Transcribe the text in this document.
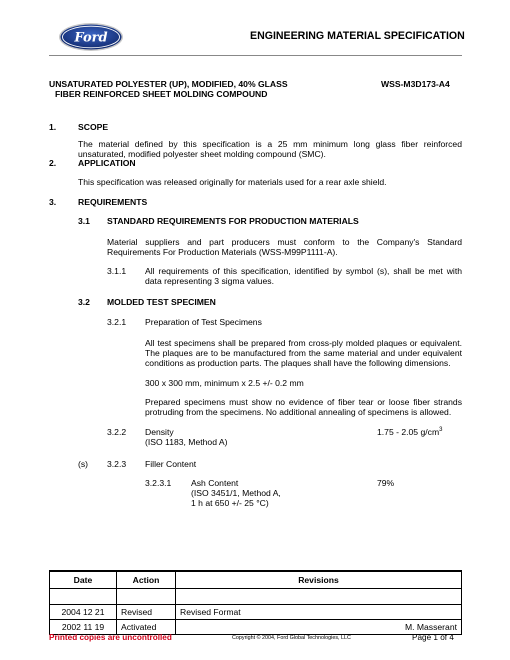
Ford	ENGINEERING MATERIAL SPECIFICATION
UNSATURATED POLYESTER (UP), MODIFIED, 40% GLASS
FIBER REINFORCED SHEET MOLDING COMPOUND
WSS-M3D173-A4
1.	SCOPE
The material defined by this specification is a 25 mm minimum long glass fiber reinforced unsaturated, modified polyester sheet molding compound (SMC).
2.	APPLICATION
This specification was released originally for materials used for a rear axle shield.
3.	REQUIREMENTS
3.1 STANDARD REQUIREMENTS FOR PRODUCTION MATERIALS
Material suppliers and part producers must conform to the Company's Standard Requirements For Production Materials (WSS-M99P1111-A).
3.1.1 All requirements of this specification, identified by symbol (s), shall be met with data representing 3 sigma values.
3.2 MOLDED TEST SPECIMEN
3.2.1 Preparation of Test Specimens
All test specimens shall be prepared from cross-ply molded plaques or equivalent. The plaques are to be manufactured from the same material and under equivalent conditions as production parts. The plaques shall have the following dimensions.
300 x 300 mm, minimum x 2.5 +/- 0.2 mm
Prepared specimens must show no evidence of fiber tear or loose fiber strands protruding from the specimens. No additional annealing of specimens is allowed.
3.2.2 Density
(ISO 1183, Method A)
1.75 - 2.05 $g/cm^3$
(s) 3.2.3 Filler Content
3.2.3.1 Ash Content
(ISO 3451/1, Method A,
1 h at 650 +/- 25 °C)
79%
Date	Action	Revisions

2004 12 21	Revised	Revised Format
2002 11 19	Activated	M. Masserant
Printed copies are uncontrolled	Copyright © 2004, Ford Global Technologies, LLC	Page 1 of 4
